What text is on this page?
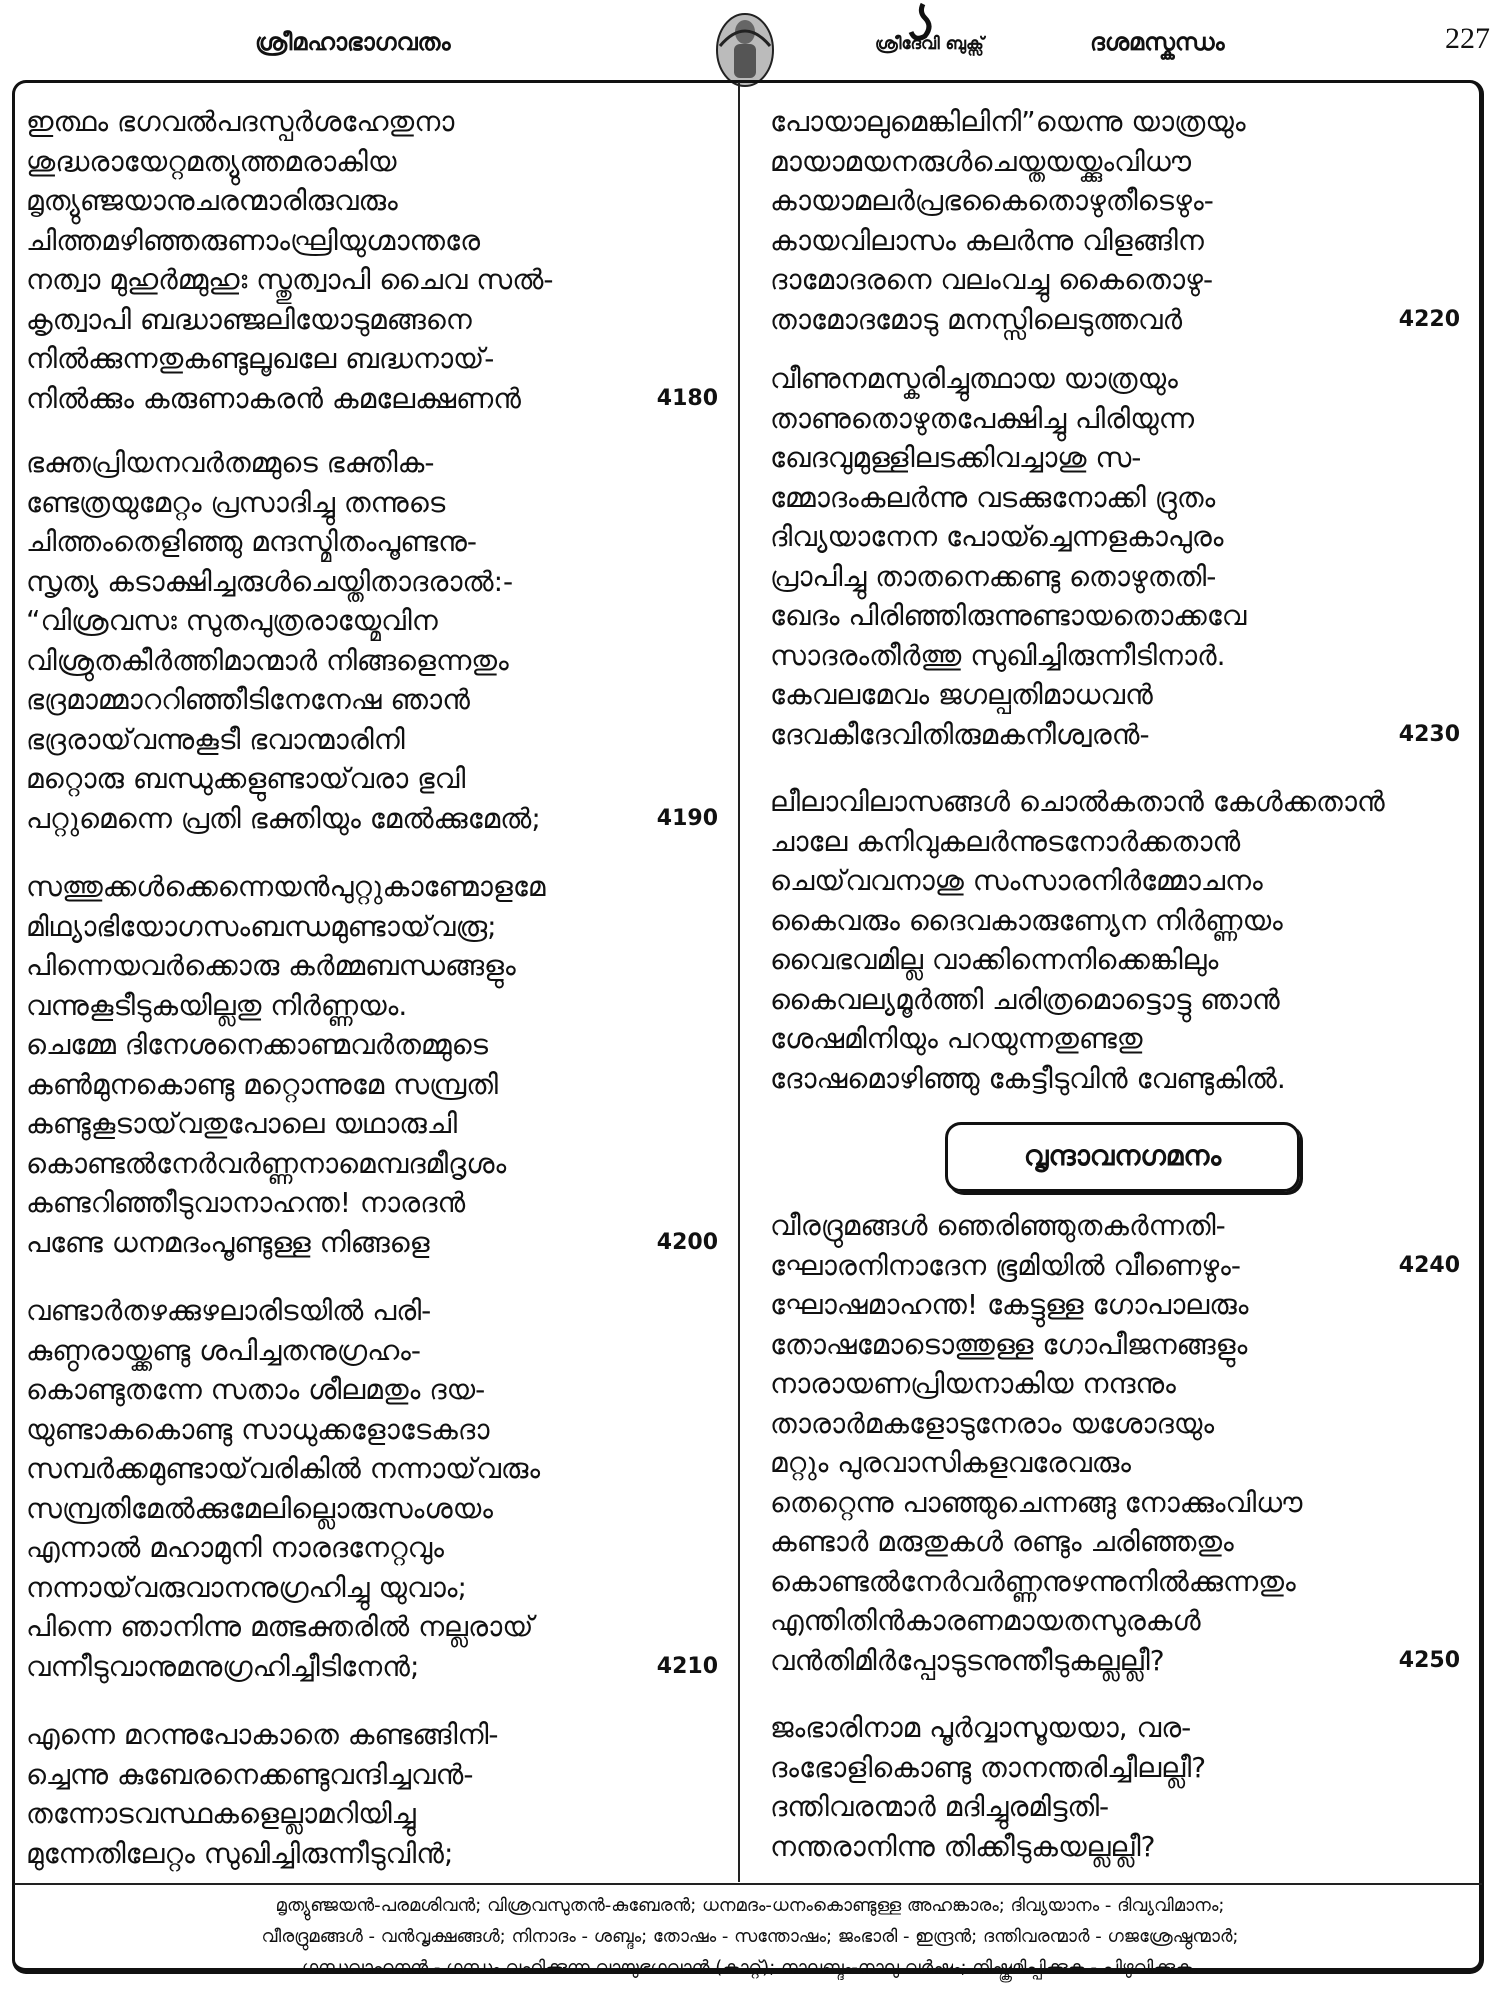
ശ്രീമഹാഭാഗവതം	ശ്രീദേവി ബുക്സ്	ദശമസ്കന്ധം	227
ഇത്ഥം ഭഗവൽപദസ്പർശഹേതുനാ
ശുദ്ധരായേറ്റമത്യുത്തമരാകിയ
മൃത്യുഞ്ജയാനുചരന്മാരിരുവരും
ചിത്തമഴിഞ്ഞരുണാംഘ്രിയുഗ്മാന്തരേ
നത്വാ മുഹുർമ്മുഹുഃ സ്തുത്വാപി ചൈവ സൽ-
കൃത്വാപി ബദ്ധാഞ്ജലിയോടുമങ്ങനെ
നിൽക്കുന്നതുകണ്ടുലൂഖലേ ബദ്ധനായ്-
നിൽക്കും കരുണാകരൻ കമലേക്ഷണൻ	4180
ഭക്തപ്രിയനവർതമ്മുടെ ഭക്തിക-
ണ്ടേത്രയുമേറ്റം പ്രസാദിച്ചു തന്നുടെ
ചിത്തംതെളിഞ്ഞു മന്ദസ്മിതംപൂണ്ടനു-
സൃത്യ കടാക്ഷിച്ചരുൾചെയ്തിതാദരാൽ:-
“വിശ്രവസഃ സുതപുത്രരായ്മേവിന
വിശ്രുതകീർത്തിമാന്മാർ നിങ്ങളെന്നതും
ഭദ്രമാമ്മാററിഞ്ഞീടിനേനേഷ ഞാൻ
ഭദ്രരായ്‌വന്നുകൂടീ ഭവാന്മാരിനി
മറ്റൊരു ബന്ധുക്കളുണ്ടായ്‌വരാ ഭുവി
പറ്റുമെന്നെ പ്രതി ഭക്തിയും മേൽക്കുമേൽ;	4190
സത്തുക്കൾക്കെന്നെയൻപുറ്റുകാണ്മോളമേ
മിഥ്യാഭിയോഗസംബന്ധമുണ്ടായ്‌വരൂ;
പിന്നെയവർക്കൊരു കർമ്മബന്ധങ്ങളും
വന്നുകൂടീടുകയില്ലതു നിർണ്ണയം.
ചെമ്മേ ദിനേശനെക്കാണ്മവർതമ്മുടെ
കൺമുനകൊണ്ടു മറ്റൊന്നുമേ സമ്പ്രതി
കണ്ടുകൂടായ്‌വതുപോലെ യഥാരുചി
കൊണ്ടൽനേർവർണ്ണനാമെമ്പദമീദൃശം
കണ്ടറിഞ്ഞീടുവാനാഹന്ത! നാരദൻ
പണ്ടേ ധനമദംപൂണ്ടുള്ള നിങ്ങളെ	4200
വണ്ടാർതഴക്കുഴലാരിടയിൽ പരി-
കുണ്ഠരായ്ക്കണ്ടു ശപിച്ചതനുഗ്രഹം-
കൊണ്ടുതന്നേ സതാം ശീലമതും ദയ-
യുണ്ടാകകൊണ്ടു സാധുക്കളോടേകദാ
സമ്പർക്കമുണ്ടായ്‌വരികിൽ നന്നായ്‌വരും
സമ്പ്രതിമേൽക്കുമേലില്ലൊരുസംശയം
എന്നാൽ മഹാമുനി നാരദനേറ്റവും
നന്നായ്‌വരുവാനനുഗ്രഹിച്ചു യുവാം;
പിന്നെ ഞാനിന്നു മത്ഭക്തരിൽ നല്ലരായ്
വന്നീടുവാനുമനുഗ്രഹിച്ചീടിനേൻ;	4210
എന്നെ മറന്നുപോകാതെ കണ്ടങ്ങിനി-
ച്ചെന്നു കുബേരനെക്കണ്ടുവന്ദിച്ചവൻ-
തന്നോടവസ്ഥകളെല്ലാമറിയിച്ചു
മുന്നേതിലേറ്റം സുഖിച്ചിരുന്നീടുവിൻ;
പോയാലുമെങ്കിലിനി”യെന്നു യാത്രയും
മായാമയനരുൾചെയ്തയയ്ക്കുംവിധൗ
കായാമലർപ്രഭകൈതൊഴുതീടെഴും-
കായവിലാസം കലർന്നു വിളങ്ങിന
ദാമോദരനെ വലംവച്ചു കൈതൊഴു-
താമോദമോടു മനസ്സിലെടുത്തവർ	4220
വീണുനമസ്കരിച്ചുത്ഥായ യാത്രയും
താണുതൊഴുതപേക്ഷിച്ചു പിരിയുന്ന
ഖേദവുമുള്ളിലടക്കിവച്ചാശു സ-
മ്മോദംകലർന്നു വടക്കുനോക്കി ദ്രുതം
ദിവ്യയാനേന പോയ്ച്ചെന്നളകാപുരം
പ്രാപിച്ചു താതനെക്കണ്ടു തൊഴുതതി-
ഖേദം പിരിഞ്ഞിരുന്നുണ്ടായതൊക്കവേ
സാദരംതീർത്തു സുഖിച്ചിരുന്നീടിനാർ.
കേവലമേവം ജഗല്പതിമാധവൻ
ദേവകീദേവിതിരുമകനീശ്വരൻ-	4230
ലീലാവിലാസങ്ങൾ ചൊൽകതാൻ കേൾക്കതാൻ
ചാലേ കനിവുകലർന്നുടനോർക്കതാൻ
ചെയ്‌വവനാശു സംസാരനിർമ്മോചനം
കൈവരും ദൈവകാരുണ്യേന നിർണ്ണയം
വൈഭവമില്ല വാക്കിന്നെനിക്കെങ്കിലും
കൈവല്യമൂർത്തി ചരിത്രമൊട്ടൊട്ടു ഞാൻ
ശേഷമിനിയും പറയുന്നതുണ്ടതു
ദോഷമൊഴിഞ്ഞു കേട്ടീടുവിൻ വേണ്ടുകിൽ.
വീരദ്രുമങ്ങൾ ഞെരിഞ്ഞുതകർന്നതി-
ഘോരനിനാദേന ഭൂമിയിൽ വീണെഴും-	4240
ഘോഷമാഹന്ത! കേട്ടുള്ള ഗോപാലരും
തോഷമോടൊത്തുള്ള ഗോപീജനങ്ങളും
നാരായണപ്രിയനാകിയ നന്ദനും
താരാർമകളോടുനേരാം യശോദയും
മറ്റും പുരവാസികളവരേവരും
തെറ്റെന്നു പാഞ്ഞുചെന്നങ്ങു നോക്കുംവിധൗ
കണ്ടാർ മരുതുകൾ രണ്ടും ചരിഞ്ഞതും
കൊണ്ടൽനേർവർണ്ണനുഴന്നുനിൽക്കുന്നതും
എന്തിതിൻകാരണമായതസുരകൾ
വൻതിമിർപ്പോടുടനുന്തീടുകല്ലല്ലീ?	4250
ജംഭാരിനാമ പൂർവ്വാസൂയയാ, വര-
ദംഭോളികൊണ്ടു താനന്തരിച്ചീലല്ലീ?
ദന്തിവരന്മാർ മദിച്ചുരമിട്ടതി-
നന്തരാനിന്നു തിക്കീടുകയല്ലല്ലീ?
വൃന്ദാവനഗമനം
മൃത്യുഞ്ജയൻ-പരമശിവൻ; വിശ്രവസുതൻ-കുബേരൻ; ധനമദം-ധനംകൊണ്ടുള്ള അഹങ്കാരം; ദിവ്യയാനം - ദിവ്യവിമാനം;
വീരദ്രുമങ്ങൾ - വൻവൃക്ഷങ്ങൾ; നിനാദം - ശബ്ദം; തോഷം - സന്തോഷം; ജംഭാരി - ഇന്ദ്രൻ; ദന്തിവരന്മാർ - ഗജശ്രേഷ്ഠന്മാർ;
ഗന്ധവാഹനൻ - ഗന്ധം വഹിക്കുന്ന വായുഭഗവാൻ (കാറ്റ്); നാലബ്ദം-നാലു വർഷം; നിഷ്ക്രമിപ്പിക്കുക - പിഴുവിക്കുക.
